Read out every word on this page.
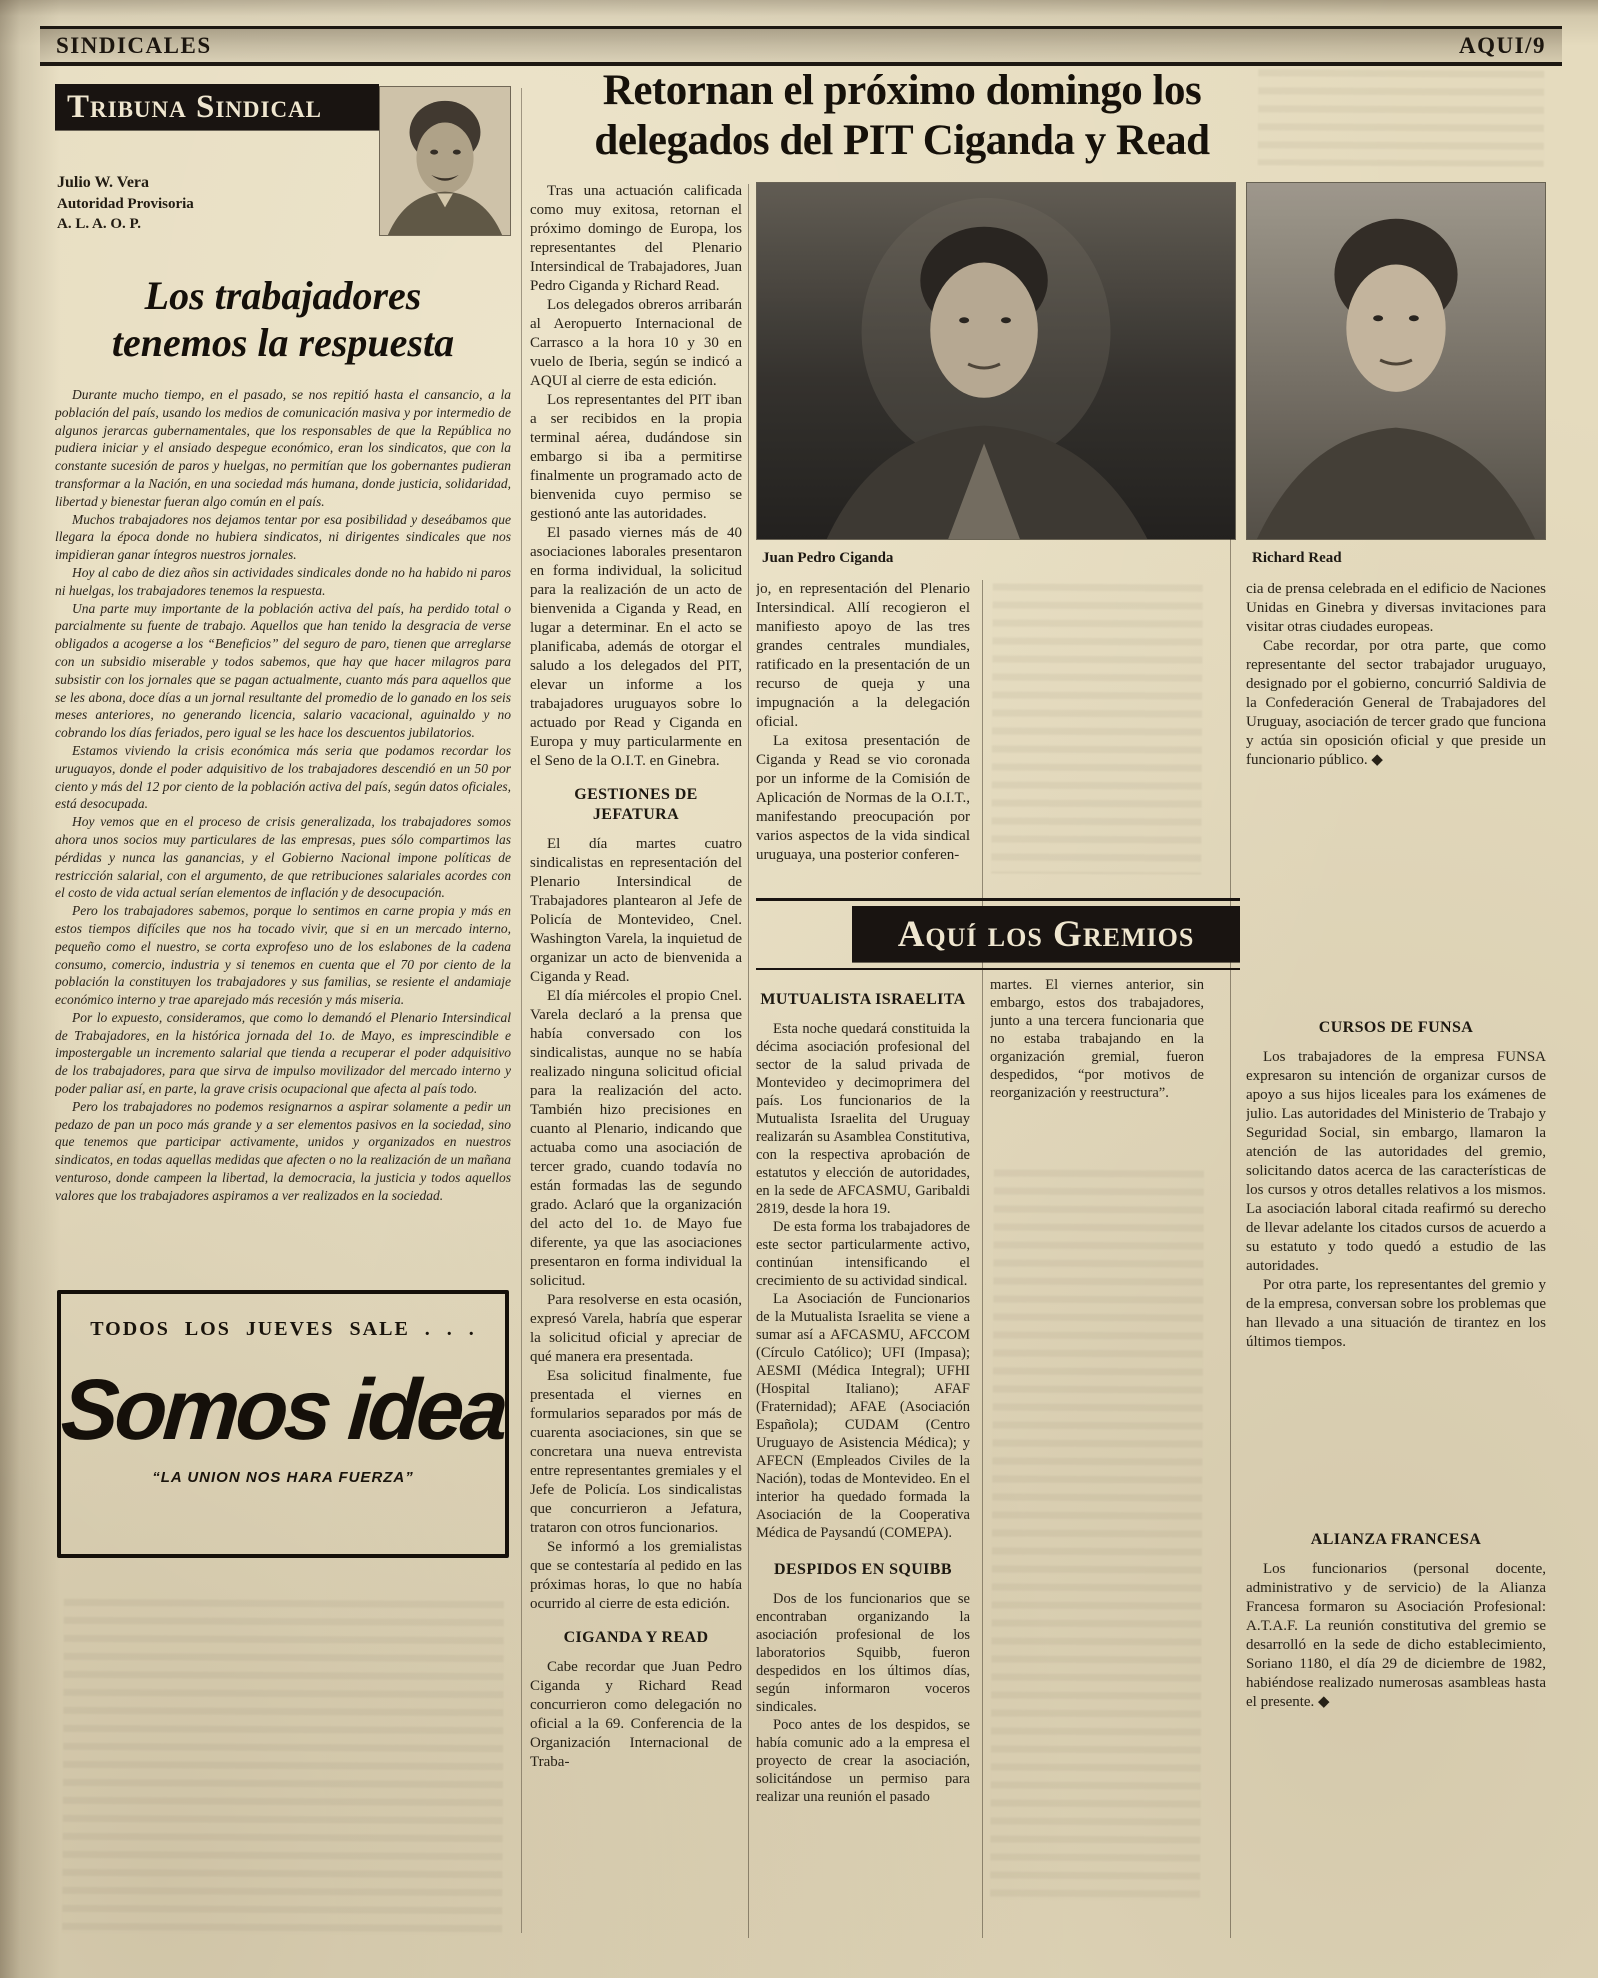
SINDICALES	AQUI/9
Tribuna Sindical
Julio W. Vera
Autoridad Provisoria
A. L. A. O. P.
Los trabajadores
tenemos la respuesta

Durante mucho tiempo, en el pasado, se nos repitió hasta el cansancio, a la población del país, usando los medios de comunicación masiva y por intermedio de algunos jerarcas gubernamentales, que los responsables de que la República no pudiera iniciar y el ansiado despegue económico, eran los sindicatos, que con la constante sucesión de paros y huelgas, no permitían que los gobernantes pudieran transformar a la Nación, en una sociedad más humana, donde justicia, solidaridad, libertad y bienestar fueran algo común en el país.

Muchos trabajadores nos dejamos tentar por esa posibilidad y deseábamos que llegara la época donde no hubiera sindicatos, ni dirigentes sindicales que nos impidieran ganar íntegros nuestros jornales.

Hoy al cabo de diez años sin actividades sindicales donde no ha habido ni paros ni huelgas, los trabajadores tenemos la respuesta.

Una parte muy importante de la población activa del país, ha perdido total o parcialmente su fuente de trabajo. Aquellos que han tenido la desgracia de verse obligados a acogerse a los “Beneficios” del seguro de paro, tienen que arreglarse con un subsidio miserable y todos sabemos, que hay que hacer milagros para subsistir con los jornales que se pagan actualmente, cuanto más para aquellos que se les abona, doce días a un jornal resultante del promedio de lo ganado en los seis meses anteriores, no generando licencia, salario vacacional, aguinaldo y no cobrando los días feriados, pero igual se les hace los descuentos jubilatorios.

Estamos viviendo la crisis económica más seria que podamos recordar los uruguayos, donde el poder adquisitivo de los trabajadores descendió en un 50 por ciento y más del 12 por ciento de la población activa del país, según datos oficiales, está desocupada.

Hoy vemos que en el proceso de crisis generalizada, los trabajadores somos ahora unos socios muy particulares de las empresas, pues sólo compartimos las pérdidas y nunca las ganancias, y el Gobierno Nacional impone políticas de restricción salarial, con el argumento, de que retribuciones salariales acordes con el costo de vida actual serían elementos de inflación y de desocupación.

Pero los trabajadores sabemos, porque lo sentimos en carne propia y más en estos tiempos difíciles que nos ha tocado vivir, que si en un mercado interno, pequeño como el nuestro, se corta exprofeso uno de los eslabones de la cadena consumo, comercio, industria y si tenemos en cuenta que el 70 por ciento de la población la constituyen los trabajadores y sus familias, se resiente el andamiaje económico interno y trae aparejado más recesión y más miseria.

Por lo expuesto, consideramos, que como lo demandó el Plenario Intersindical de Trabajadores, en la histórica jornada del 1o. de Mayo, es imprescindible e impostergable un incremento salarial que tienda a recuperar el poder adquisitivo de los trabajadores, para que sirva de impulso movilizador del mercado interno y poder paliar así, en parte, la grave crisis ocupacional que afecta al país todo.

Pero los trabajadores no podemos resignarnos a aspirar solamente a pedir un pedazo de pan un poco más grande y a ser elementos pasivos en la sociedad, sino que tenemos que participar activamente, unidos y organizados en nuestros sindicatos, en todas aquellas medidas que afecten o no la realización de un mañana venturoso, donde campeen la libertad, la democracia, la justicia y todos aquellos valores que los trabajadores aspiramos a ver realizados en la sociedad.

TODOS LOS JUEVES SALE . . .
Somos idea
“LA UNION NOS HARA FUERZA”
Retornan el próximo domingo los
delegados del PIT Ciganda y Read

Tras una actuación calificada como muy exitosa, retornan el próximo domingo de Europa, los representantes del Plenario Intersindical de Trabajadores, Juan Pedro Ciganda y Richard Read.

Los delegados obreros arribarán al Aeropuerto Internacional de Carrasco a la hora 10 y 30 en vuelo de Iberia, según se indicó a AQUI al cierre de esta edición.

Los representantes del PIT iban a ser recibidos en la propia terminal aérea, dudándose sin embargo si iba a permitirse finalmente un programado acto de bienvenida cuyo permiso se gestionó ante las autoridades.

El pasado viernes más de 40 asociaciones laborales presentaron en forma individual, la solicitud para la realización de un acto de bienvenida a Ciganda y Read, en lugar a determinar. En el acto se planificaba, además de otorgar el saludo a los delegados del PIT, elevar un informe a los trabajadores uruguayos sobre lo actuado por Read y Ciganda en Europa y muy particularmente en el Seno de la O.I.T. en Ginebra.

GESTIONES DE
JEFATURA

El día martes cuatro sindicalistas en representación del Plenario Intersindical de Trabajadores plantearon al Jefe de Policía de Montevideo, Cnel. Washington Varela, la inquietud de organizar un acto de bienvenida a Ciganda y Read.

El día miércoles el propio Cnel. Varela declaró a la prensa que había conversado con los sindicalistas, aunque no se había realizado ninguna solicitud oficial para la realización del acto. También hizo precisiones en cuanto al Plenario, indicando que actuaba como una asociación de tercer grado, cuando todavía no están formadas las de segundo grado. Aclaró que la organización del acto del 1o. de Mayo fue diferente, ya que las asociaciones presentaron en forma individual la solicitud.

Para resolverse en esta ocasión, expresó Varela, habría que esperar la solicitud oficial y apreciar de qué manera era presentada.

Esa solicitud finalmente, fue presentada el viernes en formularios separados por más de cuarenta asociaciones, sin que se concretara una nueva entrevista entre representantes gremiales y el Jefe de Policía. Los sindicalistas que concurrieron a Jefatura, trataron con otros funcionarios.

Se informó a los gremialistas que se contestaría al pedido en las próximas horas, lo que no había ocurrido al cierre de esta edición.

CIGANDA Y READ

Cabe recordar que Juan Pedro Ciganda y Richard Read concurrieron como delegación no oficial a la 69. Conferencia de la Organización Internacional de Traba-

Juan Pedro Ciganda	Richard Read

jo, en representación del Plenario Intersindical. Allí recogieron el manifiesto apoyo de las tres grandes centrales mundiales, ratificado en la presentación de un recurso de queja y una impugnación a la delegación oficial.

La exitosa presentación de Ciganda y Read se vio coronada por un informe de la Comisión de Aplicación de Normas de la O.I.T., manifestando preocupación por varios aspectos de la vida sindical uruguaya, una posterior conferen-

cia de prensa celebrada en el edificio de Naciones Unidas en Ginebra y diversas invitaciones para visitar otras ciudades europeas.

Cabe recordar, por otra parte, que como representante del sector trabajador uruguayo, designado por el gobierno, concurrió Saldivia de la Confederación General de Trabajadores del Uruguay, asociación de tercer grado que funciona y actúa sin oposición oficial y que preside un funcionario público. ◆

CURSOS DE FUNSA

Los trabajadores de la empresa FUNSA expresaron su intención de organizar cursos de apoyo a sus hijos liceales para los exámenes de julio. Las autoridades del Ministerio de Trabajo y Seguridad Social, sin embargo, llamaron la atención de las autoridades del gremio, solicitando datos acerca de las características de los cursos y otros detalles relativos a los mismos. La asociación laboral citada reafirmó su derecho de llevar adelante los citados cursos de acuerdo a su estatuto y todo quedó a estudio de las autoridades.

Por otra parte, los representantes del gremio y de la empresa, conversan sobre los problemas que han llevado a una situación de tirantez en los últimos tiempos.

ALIANZA FRANCESA

Los funcionarios (personal docente, administrativo y de servicio) de la Alianza Francesa formaron su Asociación Profesional: A.T.A.F. La reunión constitutiva del gremio se desarrolló en la sede de dicho establecimiento, Soriano 1180, el día 29 de diciembre de 1982, habiéndose realizado numerosas asambleas hasta el presente. ◆

Aquí los Gremios
MUTUALISTA ISRAELITA

Esta noche quedará constituida la décima asociación profesional del sector de la salud privada de Montevideo y decimoprimera del país. Los funcionarios de la Mutualista Israelita del Uruguay realizarán su Asamblea Constitutiva, con la respectiva aprobación de estatutos y elección de autoridades, en la sede de AFCASMU, Garibaldi 2819, desde la hora 19.

De esta forma los trabajadores de este sector particularmente activo, continúan intensificando el crecimiento de su actividad sindical.

La Asociación de Funcionarios de la Mutualista Israelita se viene a sumar así a AFCASMU, AFCCOM (Círculo Católico); UFI (Impasa); AESMI (Médica Integral); UFHI (Hospital Italiano); AFAF (Fraternidad); AFAE (Asociación Española); CUDAM (Centro Uruguayo de Asistencia Médica); y AFECN (Empleados Civiles de la Nación), todas de Montevideo. En el interior ha quedado formada la Asociación de la Cooperativa Médica de Paysandú (COMEPA).

DESPIDOS EN SQUIBB

Dos de los funcionarios que se encontraban organizando la asociación profesional de los laboratorios Squibb, fueron despedidos en los últimos días, según informaron voceros sindicales.

Poco antes de los despidos, se había comunic ado a la empresa el proyecto de crear la asociación, solicitándose un permiso para realizar una reunión el pasado

martes. El viernes anterior, sin embargo, estos dos trabajadores, junto a una tercera funcionaria que no estaba trabajando en la organización gremial, fueron despedidos, “por motivos de reorganización y reestructura”.
